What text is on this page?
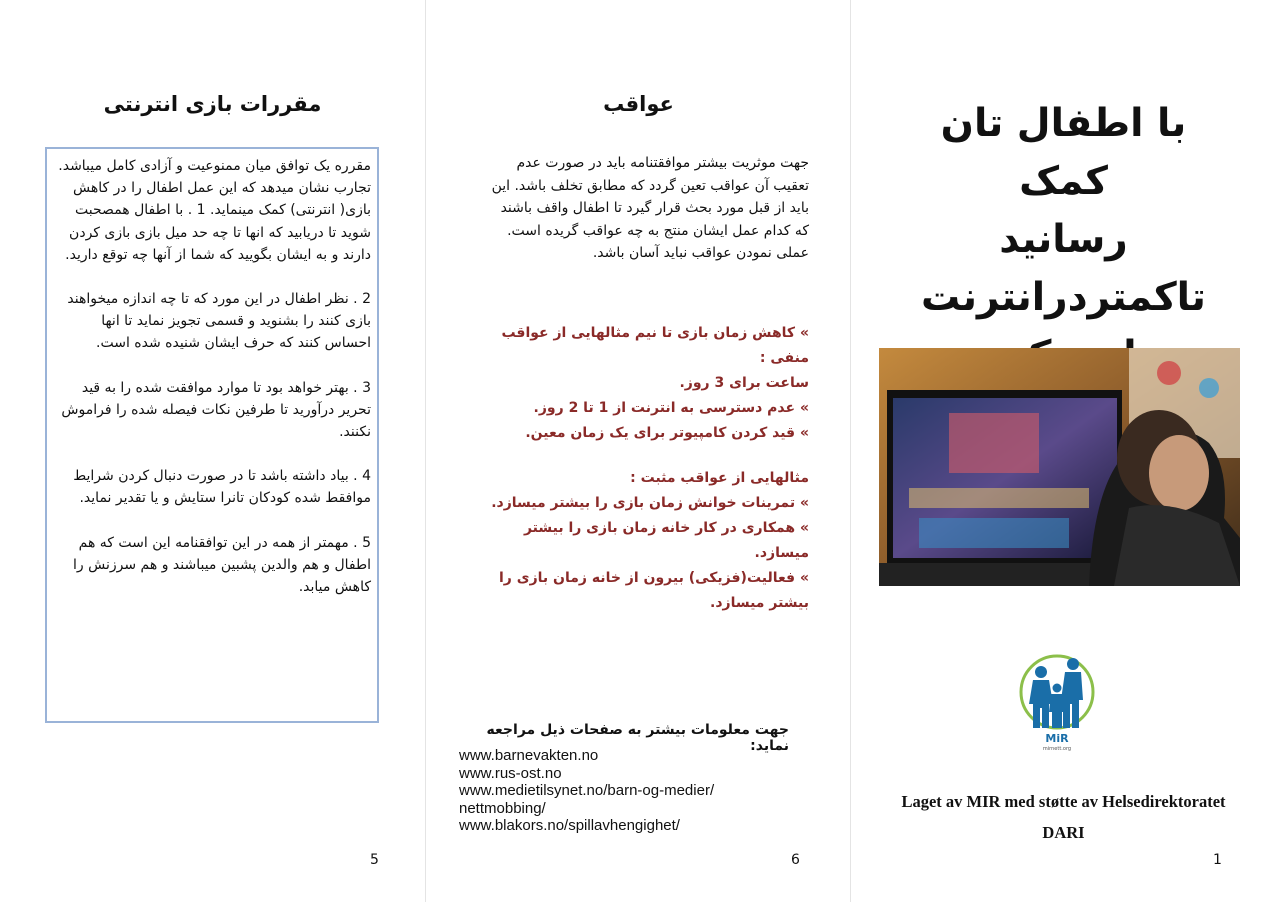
مقررات بازی انترنتی

مقرره یک توافق میان ممنوعیت و آزادی کامل میباشد. تجارب نشان میدهد که این عمل اطفال را در کاهش بازی( انترنتی) کمک مینماید. 1 . با اطفال همصحبت شوید تا دریابید که انها تا چه حد میل بازی بازی کردن دارند و به ایشان بگویید که شما از آنها چه توقع دارید.

2 . نظر اطفال در این مورد که تا چه اندازه میخواهند بازی کنند را بشنوید و قسمی تجویز نماید تا انها احساس کنند که حرف ایشان شنیده شده است.

3 . بهتر خواهد بود تا موارد موافقت شده را به قید تحریر درآورید تا طرفین نکات فیصله شده را فراموش نکنند.

4 . بیاد داشته باشد تا در صورت دنبال کردن شرایط موافقط شده کودکان تانرا ستایش و یا تقدیر نماید.

5 . مهمتر از همه در این توافقنامه این است که هم اطفال و هم والدین پشبین میباشند و هم سرزنش را کاهش میابد.

5
عواقب
جهت موثریت بیشتر موافقتنامه باید در صورت عدم تعقیب آن عواقب تعین گردد که مطابق تخلف باشد. این باید از قبل مورد بحث قرار گیرد تا اطفال واقف باشند که کدام عمل ایشان منتج به چه عواقب گریده است.
عملی نمودن عواقب نباید آسان باشد.
» کاهش زمان بازی تا نیم مثالهایی از عواقب منفی :
ساعت برای 3 روز.
» عدم دسترسی به انترنت از 1 تا 2 روز.
» قید کردن کامپیوتر برای یک زمان معین.
مثالهایی از عواقب مثبت :
» تمرینات خوانش زمان بازی را بیشتر میسازد.
» همکاری در کار خانه زمان بازی را بیشتر میسازد.
» فعالیت(فزیکی) بیرون از خانه زمان بازی را بیشتر میسازد.
جهت معلومات بیشتر به صفحات ذیل مراجعه نماید:
www.barnevakten.no
www.rus-ost.no
www.medietilsynet.no/barn-og-medier/
nettmobbing/
www.blakors.no/spillavhengighet/
6
با اطفال تان کمک
رسانید
تاکمتردرانترنت
MiR
mirnett.org
Laget av MIR med støtte av Helsedirektoratet
DARI
1
